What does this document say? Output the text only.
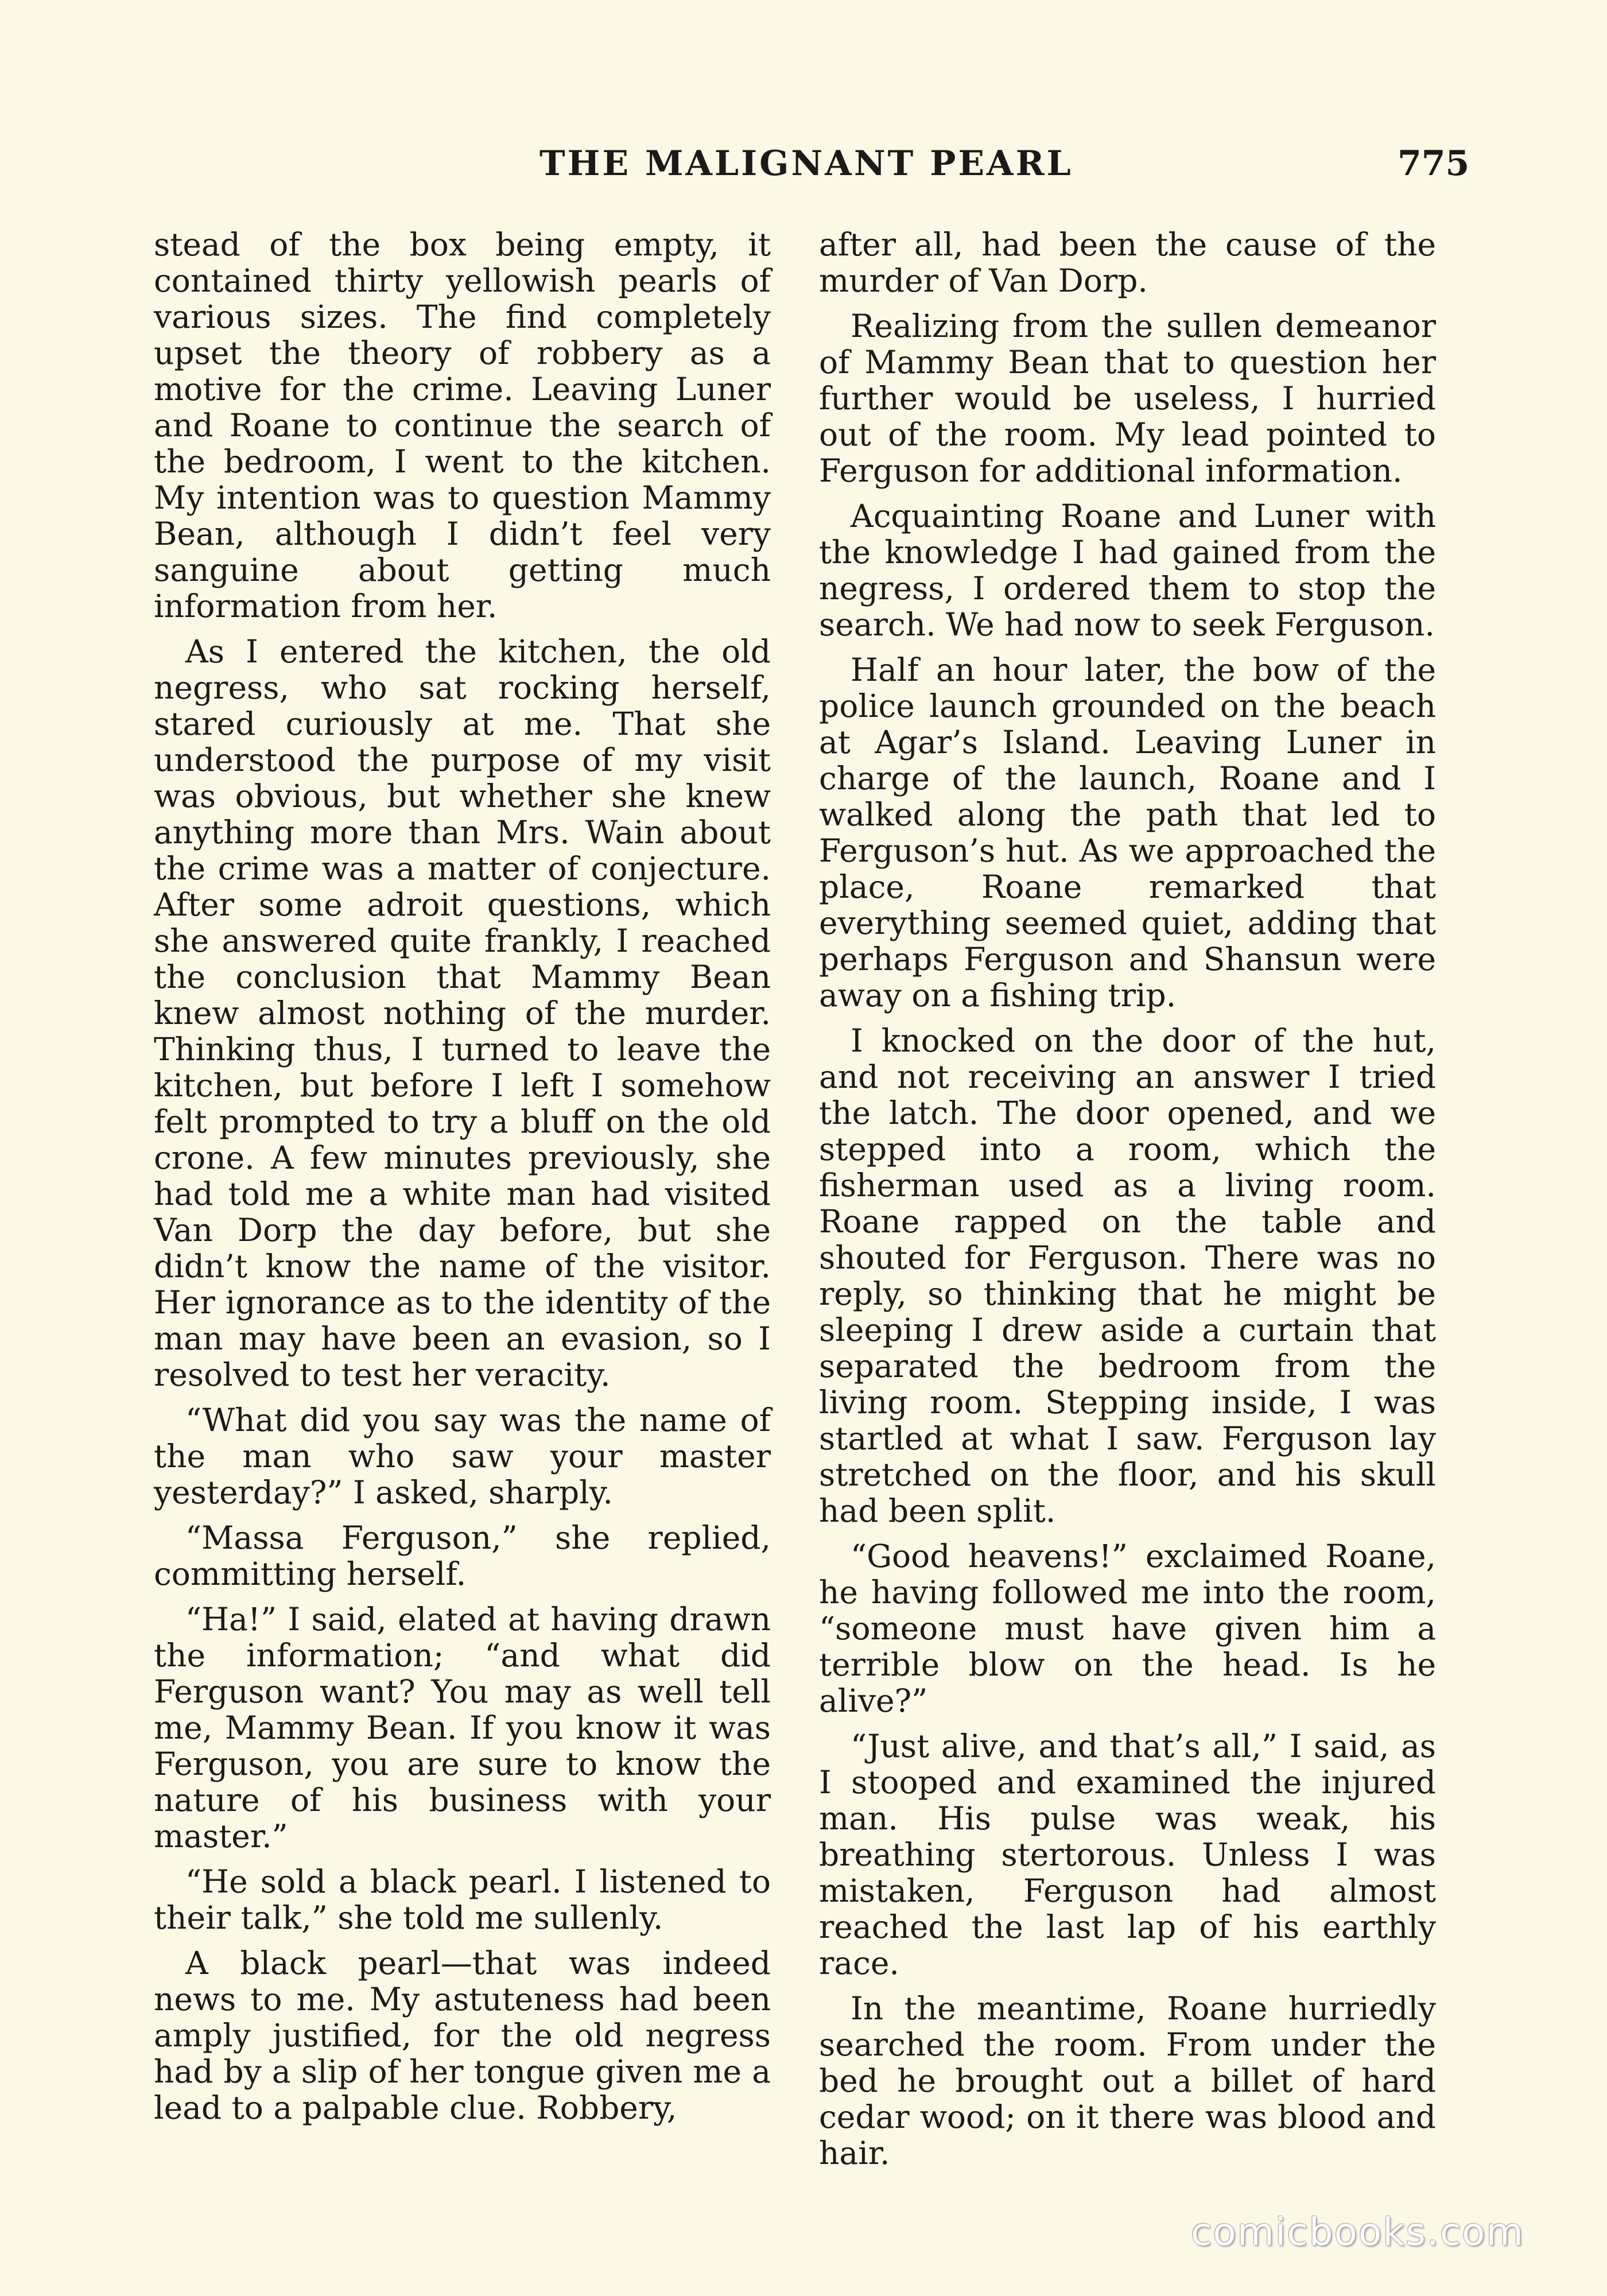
THE MALIGNANT PEARL	775

stead of the box being empty, it contained thirty yellowish pearls of various sizes. The find completely upset the theory of robbery as a motive for the crime. Leaving Luner and Roane to continue the search of the bedroom, I went to the kitchen. My intention was to question Mammy Bean, although I didn’t feel very sanguine about getting much information from her.

As I entered the kitchen, the old negress, who sat rocking herself, stared curiously at me. That she understood the purpose of my visit was obvious, but whether she knew anything more than Mrs. Wain about the crime was a matter of conjecture. After some adroit questions, which she answered quite frankly, I reached the conclusion that Mammy Bean knew almost nothing of the murder. Thinking thus, I turned to leave the kitchen, but before I left I somehow felt prompted to try a bluff on the old crone. A few minutes previously, she had told me a white man had visited Van Dorp the day before, but she didn’t know the name of the visitor. Her ignorance as to the identity of the man may have been an evasion, so I resolved to test her veracity.

“What did you say was the name of the man who saw your master yesterday?” I asked, sharply.

“Massa Ferguson,” she replied, committing herself.

“Ha!” I said, elated at having drawn the information; “and what did Ferguson want? You may as well tell me, Mammy Bean. If you know it was Ferguson, you are sure to know the nature of his business with your master.”

“He sold a black pearl. I listened to their talk,” she told me sullenly.

A black pearl—that was indeed news to me. My astuteness had been amply justified, for the old negress had by a slip of her tongue given me a lead to a palpable clue. Robbery,

after all, had been the cause of the murder of Van Dorp.

Realizing from the sullen demeanor of Mammy Bean that to question her further would be useless, I hurried out of the room. My lead pointed to Ferguson for additional information.

Acquainting Roane and Luner with the knowledge I had gained from the negress, I ordered them to stop the search. We had now to seek Ferguson.

Half an hour later, the bow of the police launch grounded on the beach at Agar’s Island. Leaving Luner in charge of the launch, Roane and I walked along the path that led to Ferguson’s hut. As we approached the place, Roane remarked that everything seemed quiet, adding that perhaps Ferguson and Shansun were away on a fishing trip.

I knocked on the door of the hut, and not receiving an answer I tried the latch. The door opened, and we stepped into a room, which the fisherman used as a living room. Roane rapped on the table and shouted for Ferguson. There was no reply, so thinking that he might be sleeping I drew aside a curtain that separated the bedroom from the living room. Stepping inside, I was startled at what I saw. Ferguson lay stretched on the floor, and his skull had been split.

“Good heavens!” exclaimed Roane, he having followed me into the room, “someone must have given him a terrible blow on the head. Is he alive?”

“Just alive, and that’s all,” I said, as I stooped and examined the injured man. His pulse was weak, his breathing stertorous. Unless I was mistaken, Ferguson had almost reached the last lap of his earthly race.

In the meantime, Roane hurriedly searched the room. From under the bed he brought out a billet of hard cedar wood; on it there was blood and hair.

comicbooks.com
